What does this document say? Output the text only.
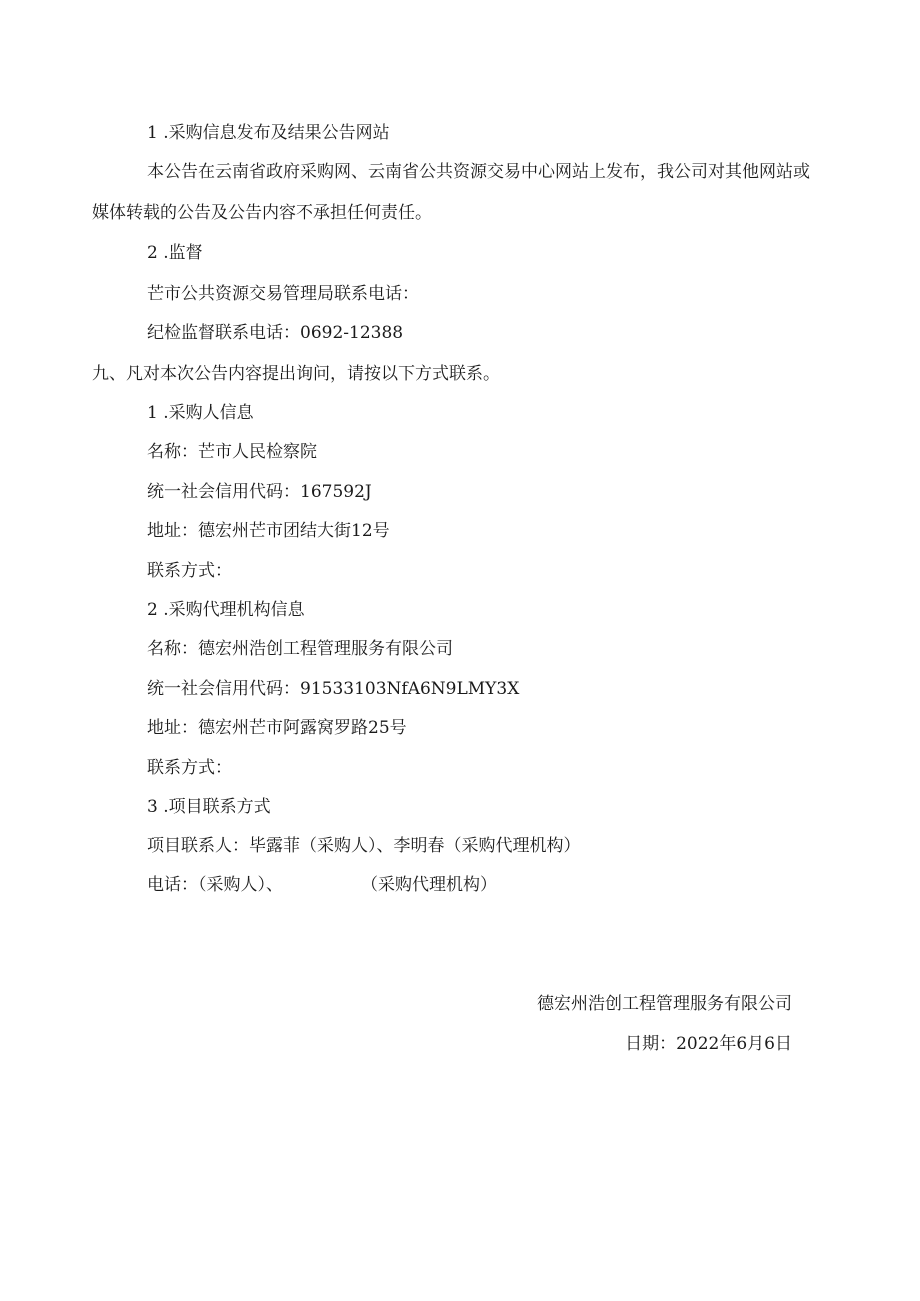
1 .采购信息发布及结果公告网站
本公告在云南省政府采购网、云南省公共资源交易中心网站上发布，我公司对其他网站或
媒体转载的公告及公告内容不承担任何责任。
2 .监督
芒市公共资源交易管理局联系电话：
纪检监督联系电话：0692-12388
九、凡对本次公告内容提出询问，请按以下方式联系。
1 .采购人信息
名称：芒市人民检察院
统一社会信用代码：167592J
地址：德宏州芒市团结大街12号
联系方式：
2 .采购代理机构信息
名称：德宏州浩创工程管理服务有限公司
统一社会信用代码：91533103NfA6N9LMY3X
地址：德宏州芒市阿露窝罗路25号
联系方式：
3 .项目联系方式
项目联系人：毕露菲（采购人）、李明春（采购代理机构）
电话：（采购人）、	（采购代理机构）
德宏州浩创工程管理服务有限公司
日期：2022年6月6日
